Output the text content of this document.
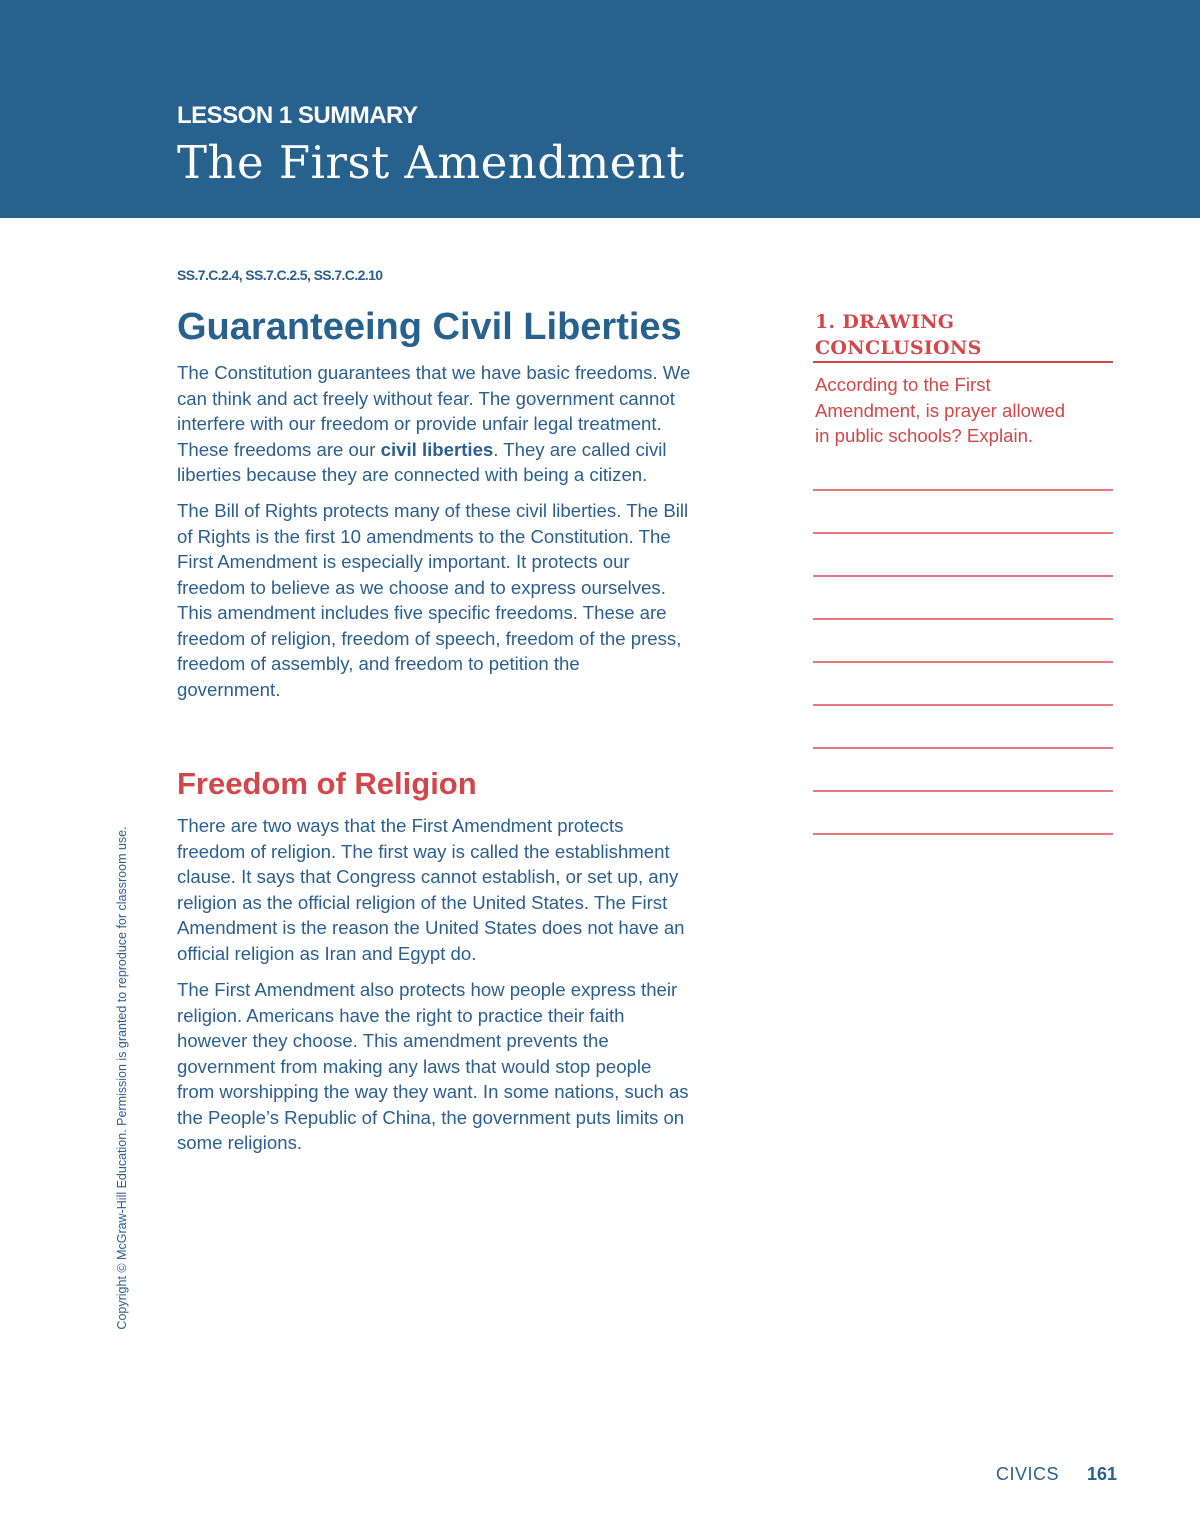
LESSON 1 SUMMARY
The First Amendment
SS.7.C.2.4, SS.7.C.2.5, SS.7.C.2.10
Guaranteeing Civil Liberties
The Constitution guarantees that we have basic freedoms. We
can think and act freely without fear. The government cannot
interfere with our freedom or provide unfair legal treatment.
These freedoms are our civil liberties. They are called civil
liberties because they are connected with being a citizen.
The Bill of Rights protects many of these civil liberties. The Bill
of Rights is the first 10 amendments to the Constitution. The
First Amendment is especially important. It protects our
freedom to believe as we choose and to express ourselves.
This amendment includes five specific freedoms. These are
freedom of religion, freedom of speech, freedom of the press,
freedom of assembly, and freedom to petition the
government.
Freedom of Religion
There are two ways that the First Amendment protects
freedom of religion. The first way is called the establishment
clause. It says that Congress cannot establish, or set up, any
religion as the official religion of the United States. The First
Amendment is the reason the United States does not have an
official religion as Iran and Egypt do.
The First Amendment also protects how people express their
religion. Americans have the right to practice their faith
however they choose. This amendment prevents the
government from making any laws that would stop people
from worshipping the way they want. In some nations, such as
the People’s Republic of China, the government puts limits on
some religions.
1. DRAWING
CONCLUSIONS
According to the First
Amendment, is prayer allowed
in public schools? Explain.
Copyright © McGraw-Hill Education. Permission is granted to reproduce for classroom use.
CIVICS 161
